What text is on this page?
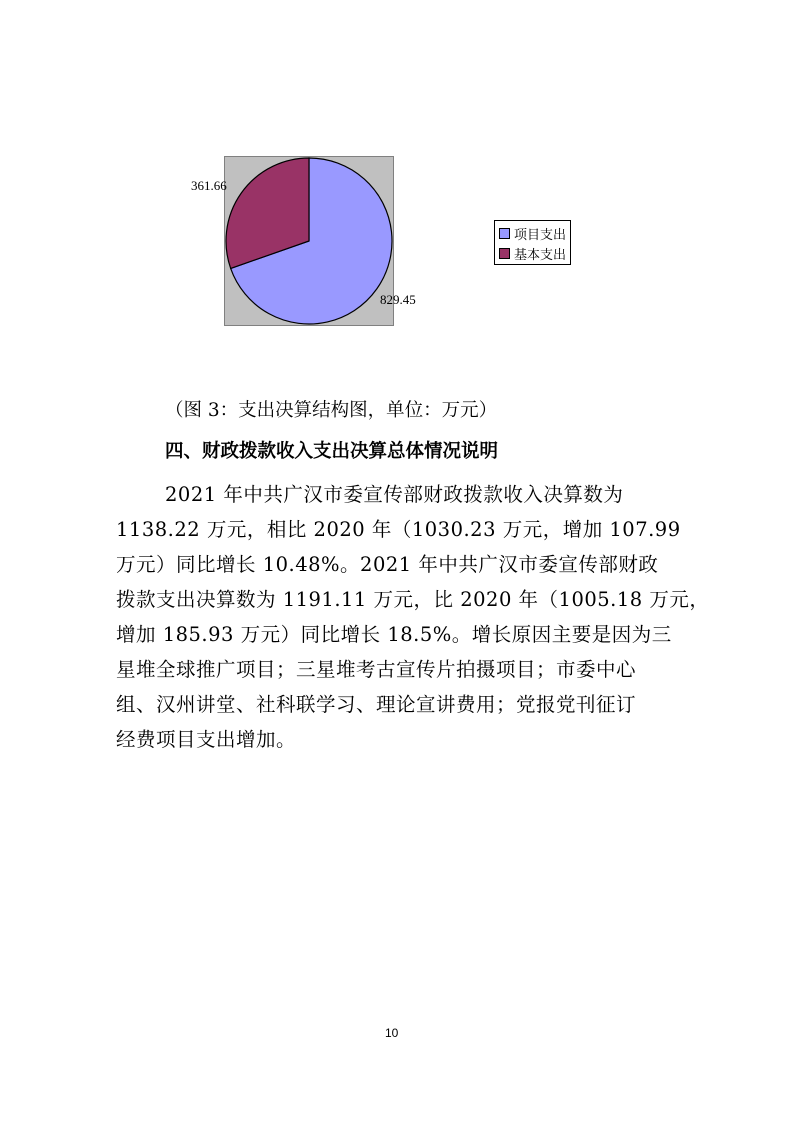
829.45
361.66
项目支出
基本支出
（图 3：支出决算结构图，单位：万元）
四、财政拨款收入支出决算总体情况说明
2021 年中共广汉市委宣传部财政拨款收入决算数为
1138.22 万元，相比 2020 年（1030.23 万元，增加 107.99
万元）同比增长 10.48%。2021 年中共广汉市委宣传部财政
拨款支出决算数为 1191.11 万元，比 2020 年（1005.18 万元，
增加 185.93 万元）同比增长 18.5%。增长原因主要是因为三
星堆全球推广项目；三星堆考古宣传片拍摄项目；市委中心
组、汉州讲堂、社科联学习、理论宣讲费用；党报党刊征订
经费项目支出增加。
10
